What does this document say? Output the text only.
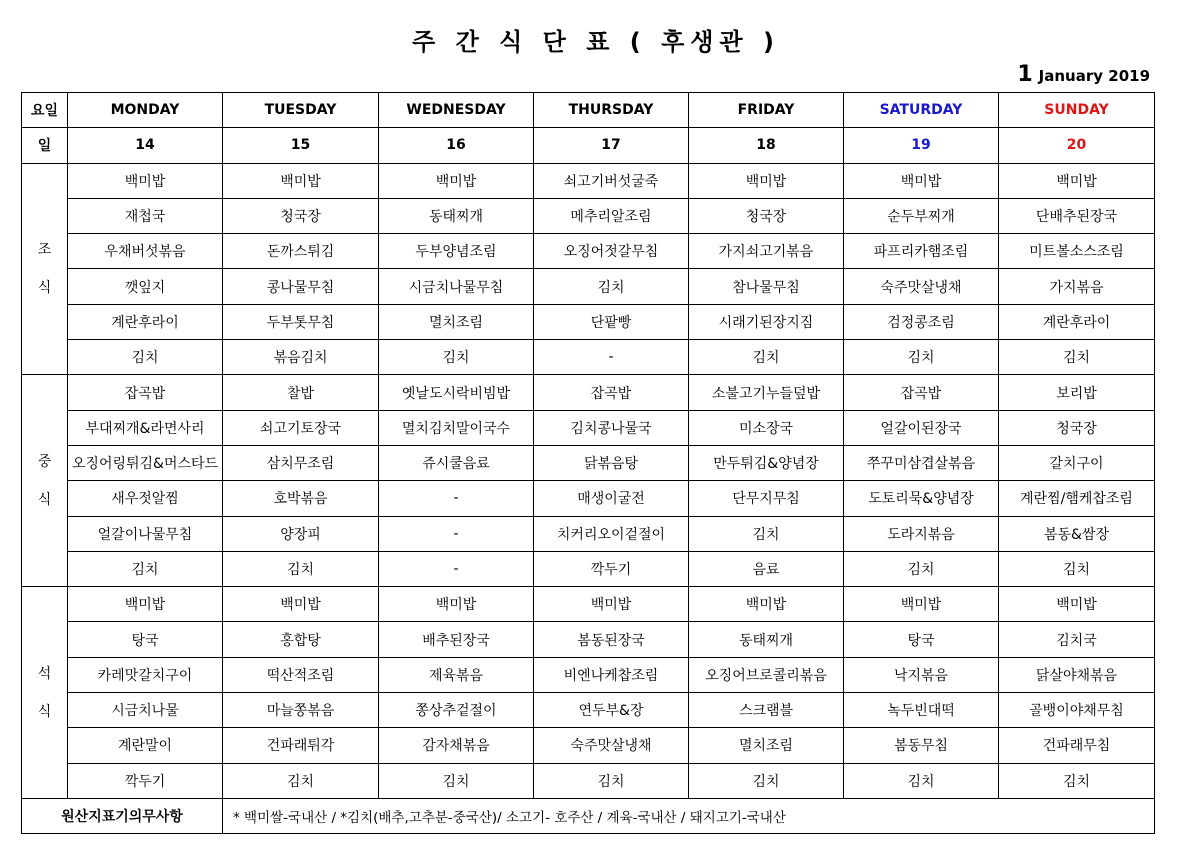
주 간 식 단 표 ( 후생관 )
1 January 2019
요일	MONDAY	TUESDAY	WEDNESDAY	THURSDAY	FRIDAY	SATURDAY	SUNDAY
일	14	15	16	17	18	19	20

조
식	백미밥	백미밥	백미밥	쇠고기버섯굴죽	백미밥	백미밥	백미밥
	재첩국	청국장	동태찌개	메추리알조림	청국장	순두부찌개	단배추된장국
	우채버섯볶음	돈까스튀김	두부양념조림	오징어젓갈무침	가지쇠고기볶음	파프리카햄조림	미트볼소스조림
	깻잎지	콩나물무침	시금치나물무침	김치	참나물무침	숙주맛살냉채	가지볶음
	계란후라이	두부톳무침	멸치조림	단팥빵	시래기된장지짐	검정콩조림	계란후라이
	김치	볶음김치	김치	-	김치	김치	김치

중
식	잡곡밥	찰밥	옛날도시락비빔밥	잡곡밥	소불고기누들덮밥	잡곡밥	보리밥
	부대찌개&라면사리	쇠고기토장국	멸치김치말이국수	김치콩나물국	미소장국	얼갈이된장국	청국장
	오징어링튀김&머스타드	삼치무조림	쥬시쿨음료	닭볶음탕	만두튀김&양념장	쭈꾸미삼겹살볶음	갈치구이
	새우젓알찜	호박볶음	-	매생이굴전	단무지무침	도토리묵&양념장	계란찜/햄케찹조림
	얼갈이나물무침	양장피	-	치커리오이겉절이	김치	도라지볶음	봄동&쌈장
	김치	김치	-	깍두기	음료	김치	김치

석
식	백미밥	백미밥	백미밥	백미밥	백미밥	백미밥	백미밥
	탕국	홍합탕	배추된장국	봄동된장국	동태찌개	탕국	김치국
	카레맛갈치구이	떡산적조림	제육볶음	비엔나케찹조림	오징어브로콜리볶음	낙지볶음	닭살야채볶음
	시금치나물	마늘쫑볶음	쫑상추겉절이	연두부&장	스크램블	녹두빈대떡	골뱅이야채무침
	계란말이	건파래튀각	감자채볶음	숙주맛살냉채	멸치조림	봄동무침	건파래무침
	깍두기	김치	김치	김치	김치	김치	김치
원산지표기의무사항		* 백미쌀-국내산 / *김치(배추,고추분-중국산)/ 소고기- 호주산 / 계육-국내산 / 돼지고기-국내산					
